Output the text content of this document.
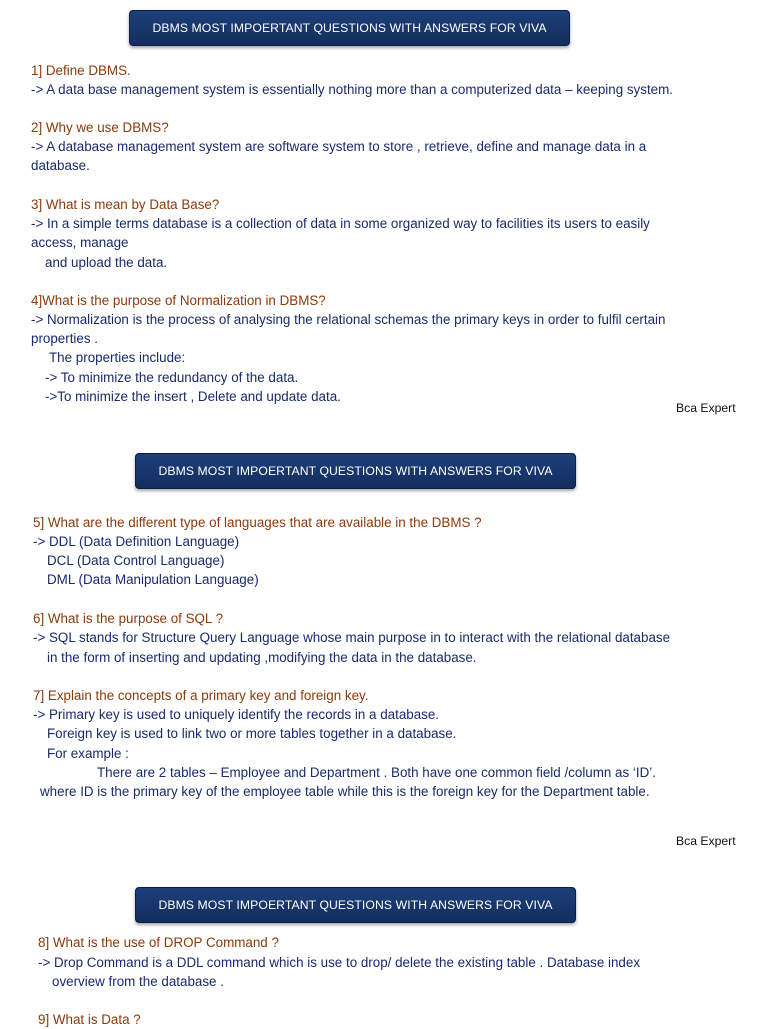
DBMS MOST IMPOERTANT QUESTIONS WITH ANSWERS FOR VIVA
1] Define DBMS.
-> A data base management system is essentially nothing more than a computerized data – keeping system.
2] Why we use DBMS?
-> A database management system are software system to store , retrieve, define and manage data in a
database.
3] What is mean by Data Base?
-> In a simple terms database is a collection of data in some organized way to facilities its users to easily
access, manage
and upload the data.
4]What is the purpose of Normalization in DBMS?
-> Normalization is the process of analysing the relational schemas the primary keys in order to fulfil certain
properties .
The properties include:
-> To minimize the redundancy of the data.
->To minimize the insert , Delete and update data.
Bca Expert
DBMS MOST IMPOERTANT QUESTIONS WITH ANSWERS FOR VIVA
5] What are the different type of languages that are available in the DBMS ?
-> DDL (Data Definition Language)
DCL (Data Control Language)
DML (Data Manipulation Language)
6] What is the purpose of SQL ?
-> SQL stands for Structure Query Language whose main purpose in to interact with the relational database
in the form of inserting and updating ,modifying the data in the database.
7] Explain the concepts of a primary key and foreign key.
-> Primary key is used to uniquely identify the records in a database.
Foreign key is used to link two or more tables together in a database.
For example :
There are 2 tables – Employee and Department . Both have one common field /column as ‘ID’.
where ID is the primary key of the employee table while this is the foreign key for the Department table.
Bca Expert
DBMS MOST IMPOERTANT QUESTIONS WITH ANSWERS FOR VIVA
8] What is the use of DROP Command ?
-> Drop Command is a DDL command which is use to drop/ delete the existing table . Database index
overview from the database .
9] What is Data ?
